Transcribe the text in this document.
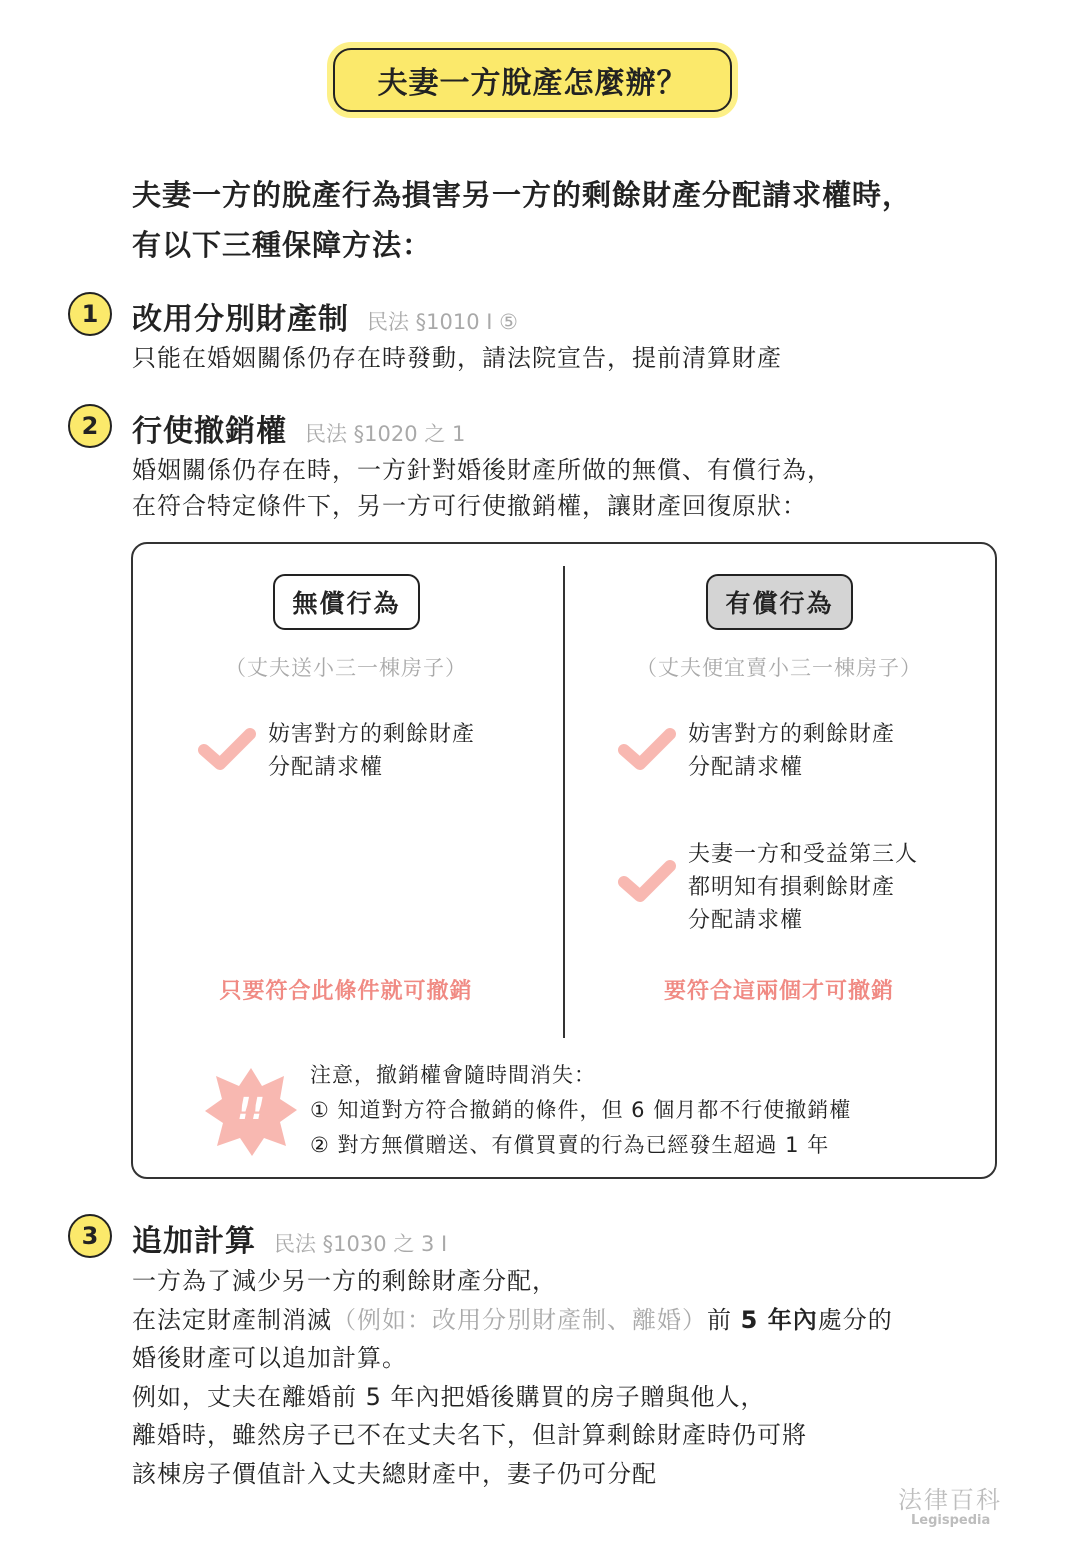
夫妻一方脫產怎麼辦？
夫妻一方的脫產行為損害另一方的剩餘財產分配請求權時，
有以下三種保障方法：
1	改用分別財產制 民法 §1010 I ⑤
只能在婚姻關係仍存在時發動，請法院宣告，提前清算財產
2	行使撤銷權 民法 §1020 之 1
婚姻關係仍存在時，一方針對婚後財產所做的無償、有償行為，
在符合特定條件下，另一方可行使撤銷權，讓財產回復原狀：
無償行為
（丈夫送小三一棟房子）
妨害對方的剩餘財產
分配請求權
只要符合此條件就可撤銷
有償行為
（丈夫便宜賣小三一棟房子）
妨害對方的剩餘財產
分配請求權
夫妻一方和受益第三人
都明知有損剩餘財產
分配請求權
要符合這兩個才可撤銷
!!
注意，撤銷權會隨時間消失：
① 知道對方符合撤銷的條件，但 6 個月都不行使撤銷權
② 對方無償贈送、有償買賣的行為已經發生超過 1 年
3	追加計算 民法 §1030 之 3 I
一方為了減少另一方的剩餘財產分配，
在法定財產制消滅（例如：改用分別財產制、離婚）前 5 年內處分的
婚後財產可以追加計算。
例如，丈夫在離婚前 5 年內把婚後購買的房子贈與他人，
離婚時，雖然房子已不在丈夫名下，但計算剩餘財產時仍可將
該棟房子價值計入丈夫總財產中，妻子仍可分配
法律百科
Legispedia
